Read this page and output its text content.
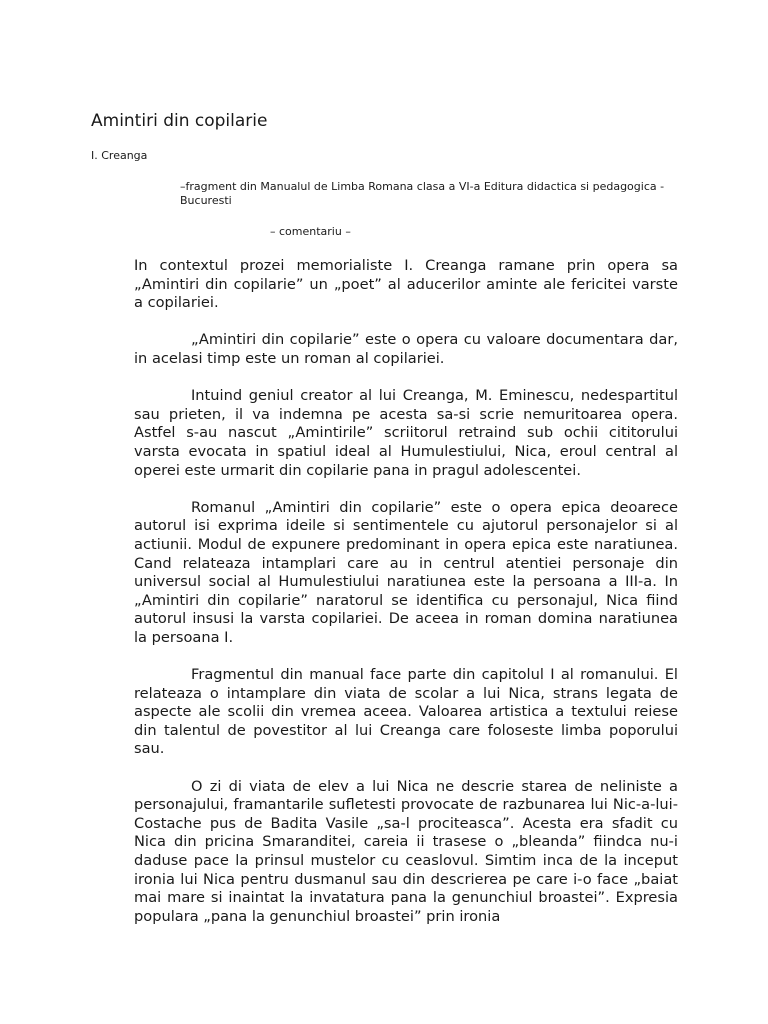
Amintiri din copilarie

I. Creanga

–fragment din Manualul de Limba Romana clasa a VI-a Editura didactica si pedagogica - Bucuresti

– comentariu –

In contextul prozei memorialiste I. Creanga ramane prin opera sa „Amintiri din copilarie” un „poet” al aducerilor aminte ale fericitei varste a copilariei.

„Amintiri din copilarie” este o opera cu valoare documentara dar, in acelasi timp este un roman al copilariei.

Intuind geniul creator al lui Creanga, M. Eminescu, nedespartitul sau prieten, il va indemna pe acesta sa-si scrie nemuritoarea opera. Astfel s-au nascut „Amintirile” scriitorul retraind sub ochii cititorului varsta evocata in spatiul ideal al Humulestiului, Nica, eroul central al operei este urmarit din copilarie pana in pragul adolescentei.

Romanul „Amintiri din copilarie” este o opera epica deoarece autorul isi exprima ideile si sentimentele cu ajutorul personajelor si al actiunii. Modul de expunere predominant in opera epica este naratiunea. Cand relateaza intamplari care au in centrul atentiei personaje din universul social al Humulestiului naratiunea este la persoana a III-a. In „Amintiri din copilarie” naratorul se identifica cu personajul, Nica fiind autorul insusi la varsta copilariei. De aceea in roman domina naratiunea la persoana I.

Fragmentul din manual face parte din capitolul I al romanului. El relateaza o intamplare din viata de scolar a lui Nica, strans legata de aspecte ale scolii din vremea aceea. Valoarea artistica a textului reiese din talentul de povestitor al lui Creanga care foloseste limba poporului sau.

O zi di viata de elev a lui Nica ne descrie starea de neliniste a personajului, framantarile sufletesti provocate de razbunarea lui Nic-a-lui-Costache pus de Badita Vasile „sa-l prociteasca”. Acesta era sfadit cu Nica din pricina Smaranditei, careia ii trasese o „bleanda” fiindca nu-i daduse pace la prinsul mustelor cu ceaslovul. Simtim inca de la inceput ironia lui Nica pentru dusmanul sau din descrierea pe care i-o face „baiat mai mare si inaintat la invatatura pana la genunchiul broastei”. Expresia populara „pana la genunchiul broastei” prin ironia
